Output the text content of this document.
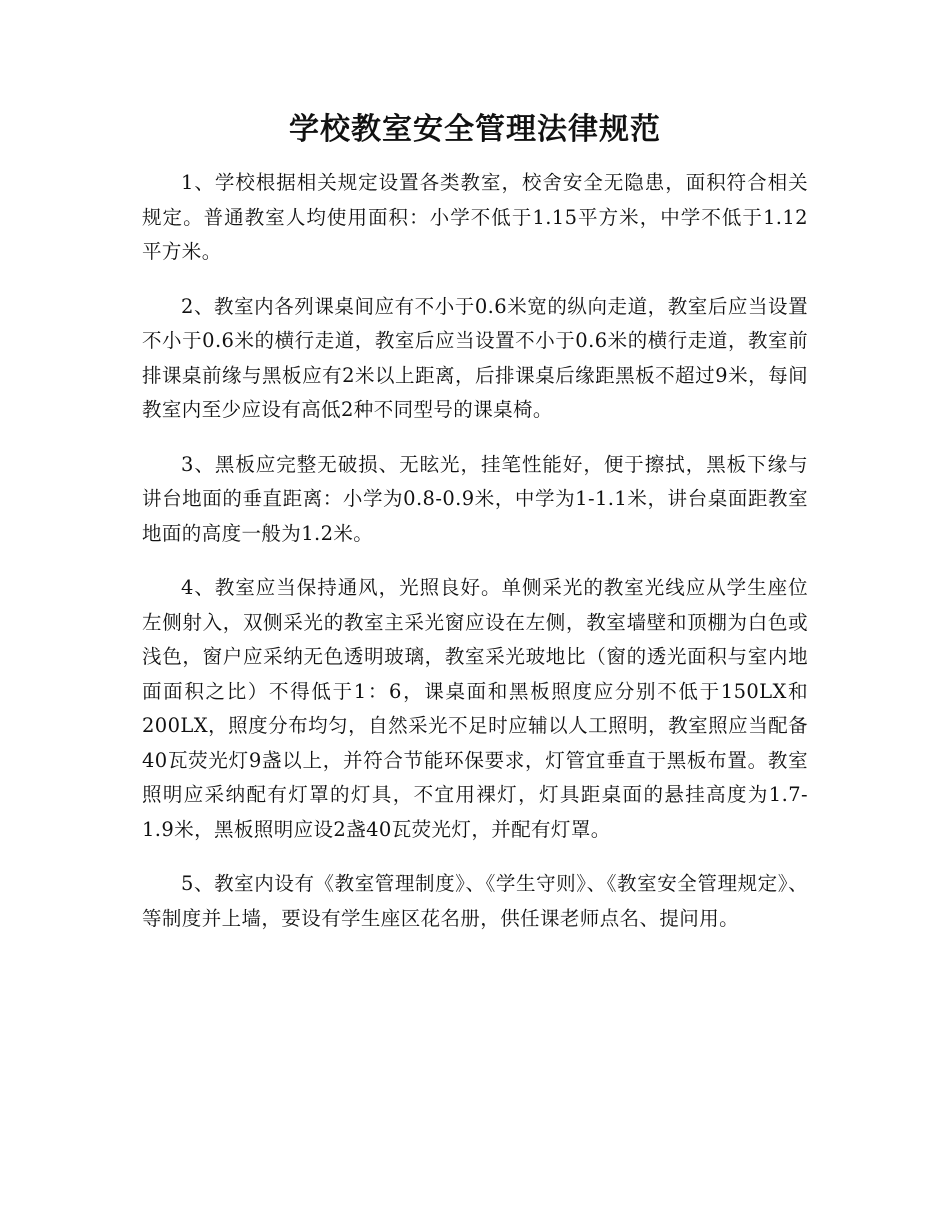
学校教室安全管理法律规范

1、学校根据相关规定设置各类教室，校舍安全无隐患，面积符合相关规定。普通教室人均使用面积：小学不低于1.15平方米，中学不低于1.12平方米。

2、教室内各列课桌间应有不小于0.6米宽的纵向走道，教室后应当设置不小于0.6米的横行走道，教室后应当设置不小于0.6米的横行走道，教室前排课桌前缘与黑板应有2米以上距离，后排课桌后缘距黑板不超过9米，每间教室内至少应设有高低2种不同型号的课桌椅。

3、黑板应完整无破损、无眩光，挂笔性能好，便于擦拭，黑板下缘与讲台地面的垂直距离：小学为0.8-0.9米，中学为1-1.1米，讲台桌面距教室地面的高度一般为1.2米。

4、教室应当保持通风，光照良好。单侧采光的教室光线应从学生座位左侧射入，双侧采光的教室主采光窗应设在左侧，教室墙壁和顶棚为白色或浅色，窗户应采纳无色透明玻璃，教室采光玻地比（窗的透光面积与室内地面面积之比）不得低于1：6，课桌面和黑板照度应分别不低于150LX和200LX，照度分布均匀，自然采光不足时应辅以人工照明，教室照应当配备40瓦荧光灯9盏以上，并符合节能环保要求，灯管宜垂直于黑板布置。教室照明应采纳配有灯罩的灯具，不宜用裸灯，灯具距桌面的悬挂高度为1.7-1.9米，黑板照明应设2盏40瓦荧光灯，并配有灯罩。

5、教室内设有《教室管理制度》、《学生守则》、《教室安全管理规定》、等制度并上墙，要设有学生座区花名册，供任课老师点名、提问用。
